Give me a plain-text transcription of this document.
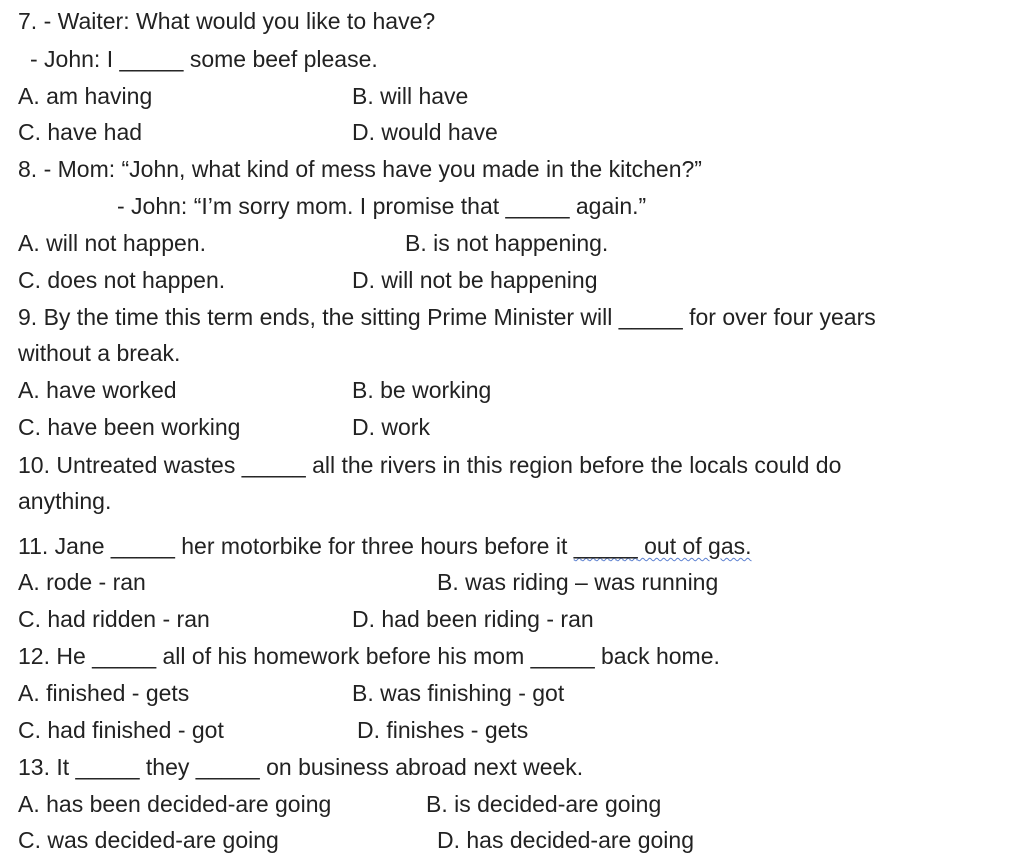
7. - Waiter: What would you like to have?
- John: I _____ some beef please.
A. am having	B. will have
C. have had	D. would have
8. - Mom: “John, what kind of mess have you made in the kitchen?”
- John: “I’m sorry mom. I promise that _____ again.”
A. will not happen.	B. is not happening.
C. does not happen.	D. will not be happening
9. By the time this term ends, the sitting Prime Minister will _____ for over four years
without a break.
A. have worked	B. be working
C. have been working	D. work
10. Untreated wastes _____ all the rivers in this region before the locals could do
anything.
11. Jane _____ her motorbike for three hours before it _____ out of gas.
A. rode - ran	B. was riding – was running
C. had ridden - ran	D. had been riding - ran
12. He _____ all of his homework before his mom _____ back home.
A. finished - gets	B. was finishing - got
C. had finished - got	D. finishes - gets
13. It _____ they _____ on business abroad next week.
A. has been decided-are going	B. is decided-are going
C. was decided-are going	D. has decided-are going
